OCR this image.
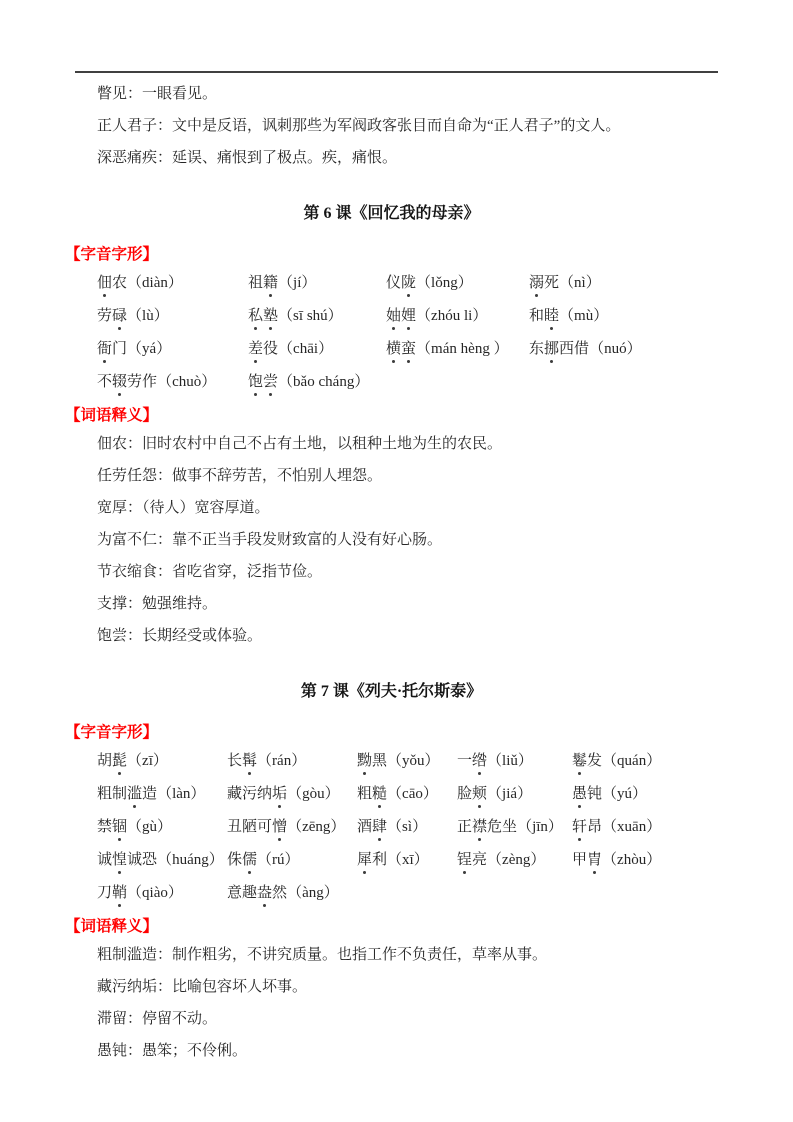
瞥见：一眼看见。

正人君子：文中是反语，讽刺那些为军阀政客张目而自命为“正人君子”的文人。

深恶痛疾：延误、痛恨到了极点。疾，痛恨。

第 6 课《回忆我的母亲》
【字音字形】
佃农（diàn）	祖籍（jí）	仪陇（lǒng）	溺死（nì）
劳碌（lù）	私塾（sī shú）	妯娌（zhóu li）	和睦（mù）
衙门（yá）	差役（chāi）	横蛮（mán hèng ）	东挪西借（nuó）
不辍劳作（chuò）	饱尝（bǎo cháng）
【词语释义】

佃农：旧时农村中自己不占有土地，以租种土地为生的农民。

任劳任怨：做事不辞劳苦，不怕别人埋怨。

宽厚：（待人）宽容厚道。

为富不仁：靠不正当手段发财致富的人没有好心肠。

节衣缩食：省吃省穿，泛指节俭。

支撑：勉强维持。

饱尝：长期经受或体验。

第 7 课《列夫·托尔斯泰》
【字音字形】
胡髭（zī）	长髯（rán）	黝黑（yǒu）	一绺（liǔ）	鬈发（quán）
粗制滥造（làn）	藏污纳垢（gòu）	粗糙（cāo）	脸颊（jiá）	愚钝（yú）
禁锢（gù）	丑陋可憎（zēng） 酒肆（sì）	正襟危坐（jīn） 轩昂（xuān）
诚惶诚恐（huáng） 侏儒（rú）	犀利（xī）	锃亮（zèng）	甲胄（zhòu）
刀鞘（qiào）	意趣盎然（àng）
【词语释义】

粗制滥造：制作粗劣，不讲究质量。也指工作不负责任，草率从事。

藏污纳垢：比喻包容坏人坏事。

滞留：停留不动。

愚钝：愚笨；不伶俐。
